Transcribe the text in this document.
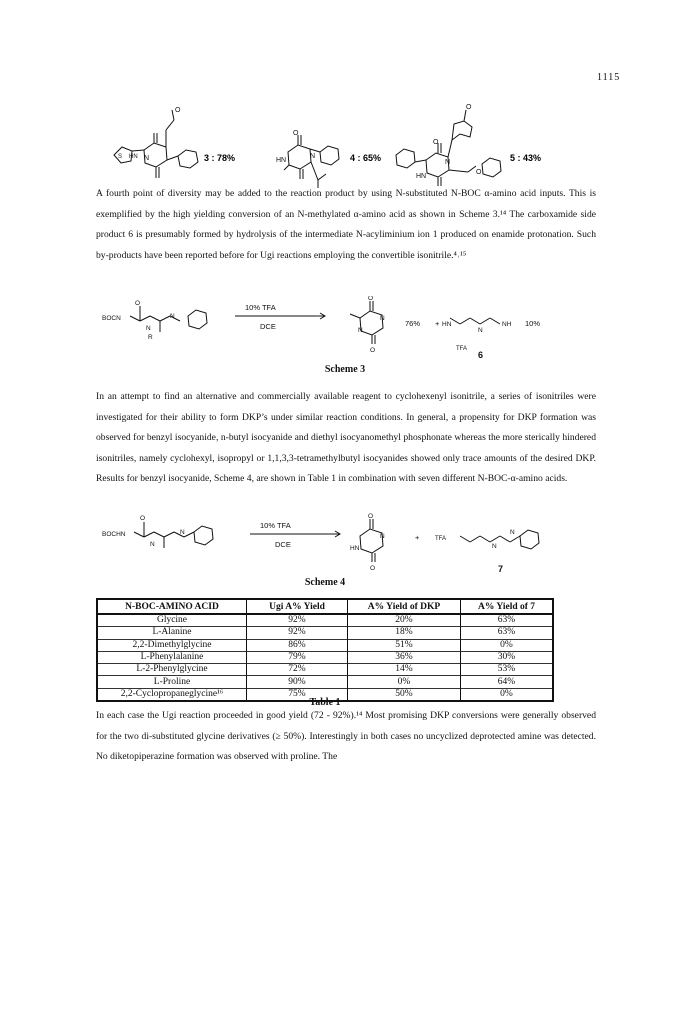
1115
N
S HN
O
3 : 78%
O
HN
N	4 : 65%
O
O
HN
N
O
5 : 43%
A fourth point of diversity may be added to the reaction product by using N-substituted N-BOC α-amino acid inputs. This is exemplified by the high yielding conversion of an N-methylated α-amino acid as shown in Scheme 3.¹⁴ The carboxamide side product 6 is presumably formed by hydrolysis of the intermediate N-acyliminium ion 1 produced on enamide protonation. Such by-products have been reported before for Ugi reactions employing the convertible isonitrile.⁴˒¹⁵
BOCN
N
N
O
R
10% TFA
DCE
O
N
N
O
76% + HN
N
NH 10%
TFA
6
Scheme 3
In an attempt to find an alternative and commercially available reagent to cyclohexenyl isonitrile, a series of isonitriles were investigated for their ability to form DKP’s under similar reaction conditions. In general, a propensity for DKP formation was observed for benzyl isocyanide, n-butyl isocyanide and diethyl isocyanomethyl phosphonate whereas the more sterically hindered isonitriles, namely cyclohexyl, isopropyl or 1,1,3,3-tetramethylbutyl isocyanides showed only trace amounts of the desired DKP. Results for benzyl isocyanide, Scheme 4, are shown in Table 1 in combination with seven different N-BOC-α-amino acids.
BOCHN
N
N
O
10% TFA
DCE
O
N
HN
O
+	TFA
N
N
7
Scheme 4
N-BOC-AMINO ACID	Ugi A% Yield	A% Yield of DKP	A% Yield of 7
Glycine	92%	20%	63%
L-Alanine	92%	18%	63%
2,2-Dimethylglycine	86%	51%	0%
L-Phenylalanine	79%	36%	30%
L-2-Phenylglycine	72%	14%	53%
L-Proline	90%	0%	64%
2,2-Cyclopropaneglycine¹⁶	75%	50%	0%
Table 1
In each case the Ugi reaction proceeded in good yield (72 - 92%).¹⁴ Most promising DKP conversions were generally observed for the two di-substituted glycine derivatives (≥ 50%). Interestingly in both cases no uncyclized deprotected amine was detected. No diketopiperazine formation was observed with proline. The
